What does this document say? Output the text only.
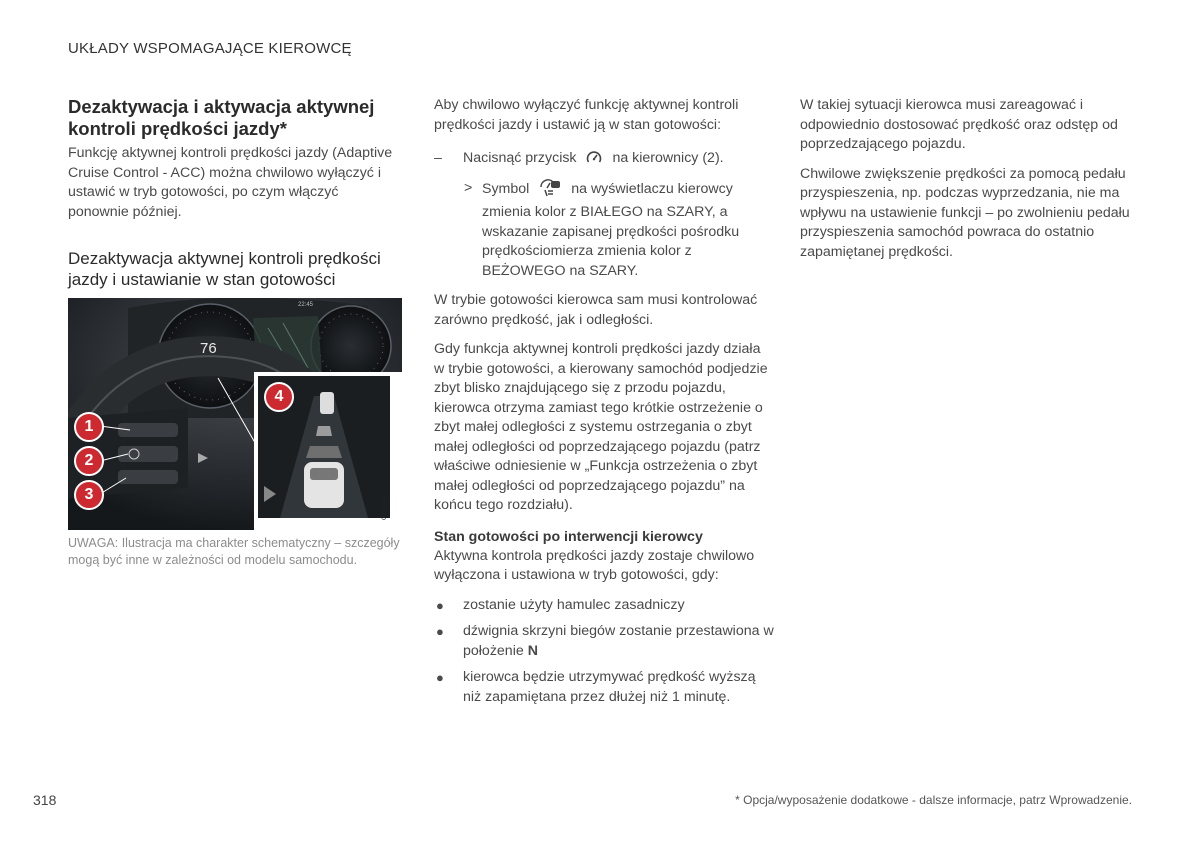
UKŁADY WSPOMAGAJĄCE KIEROWCĘ
Dezaktywacja i aktywacja aktywnej kontroli prędkości jazdy*

Funkcję aktywnej kontroli prędkości jazdy (Adaptive Cruise Control - ACC) można chwilowo wyłączyć i ustawić w tryb gotowości, po czym włączyć ponownie później.

Dezaktywacja aktywnej kontroli prędkości jazdy i ustawianie w stan gotowości
76
22:45
4
1
2
3
G053694
UWAGA: Ilustracja ma charakter schematyczny – szczegóły mogą być inne w zależności od modelu samochodu.

Aby chwilowo wyłączyć funkcję aktywnej kontroli prędkości jazdy i ustawić ją w stan gotowości:

– Nacisnąć przycisk	na kierownicy (2).
> Symbol	na wyświetlaczu kierowcy zmienia kolor z BIAŁEGO na SZARY, a wskazanie zapisanej prędkości pośrodku prędkościomierza zmienia kolor z BEŻOWEGO na SZARY.

W trybie gotowości kierowca sam musi kontrolować zarówno prędkość, jak i odległości.

Gdy funkcja aktywnej kontroli prędkości jazdy działa w trybie gotowości, a kierowany samochód podjedzie zbyt blisko znajdującego się z przodu pojazdu, kierowca otrzyma zamiast tego krótkie ostrzeżenie o zbyt małej odległości z systemu ostrzegania o zbyt małej odległości od poprzedzającego pojazdu (patrz właściwe odniesienie w „Funkcja ostrzeżenia o zbyt małej odległości od poprzedzającego pojazdu” na końcu tego rozdziału).

Stan gotowości po interwencji kierowcy

Aktywna kontrola prędkości jazdy zostaje chwilowo wyłączona i ustawiona w tryb gotowości, gdy:

● zostanie użyty hamulec zasadniczy
● dźwignia skrzyni biegów zostanie przestawiona w położenie N
● kierowca będzie utrzymywać prędkość wyższą niż zapamiętana przez dłużej niż 1 minutę.

W takiej sytuacji kierowca musi zareagować i odpowiednio dostosować prędkość oraz odstęp od poprzedzającego pojazdu.

Chwilowe zwiększenie prędkości za pomocą pedału przyspieszenia, np. podczas wyprzedzania, nie ma wpływu na ustawienie funkcji – po zwolnieniu pedału przyspieszenia samochód powraca do ostatnio zapamiętanej prędkości.

318	* Opcja/wyposażenie dodatkowe - dalsze informacje, patrz Wprowadzenie.
